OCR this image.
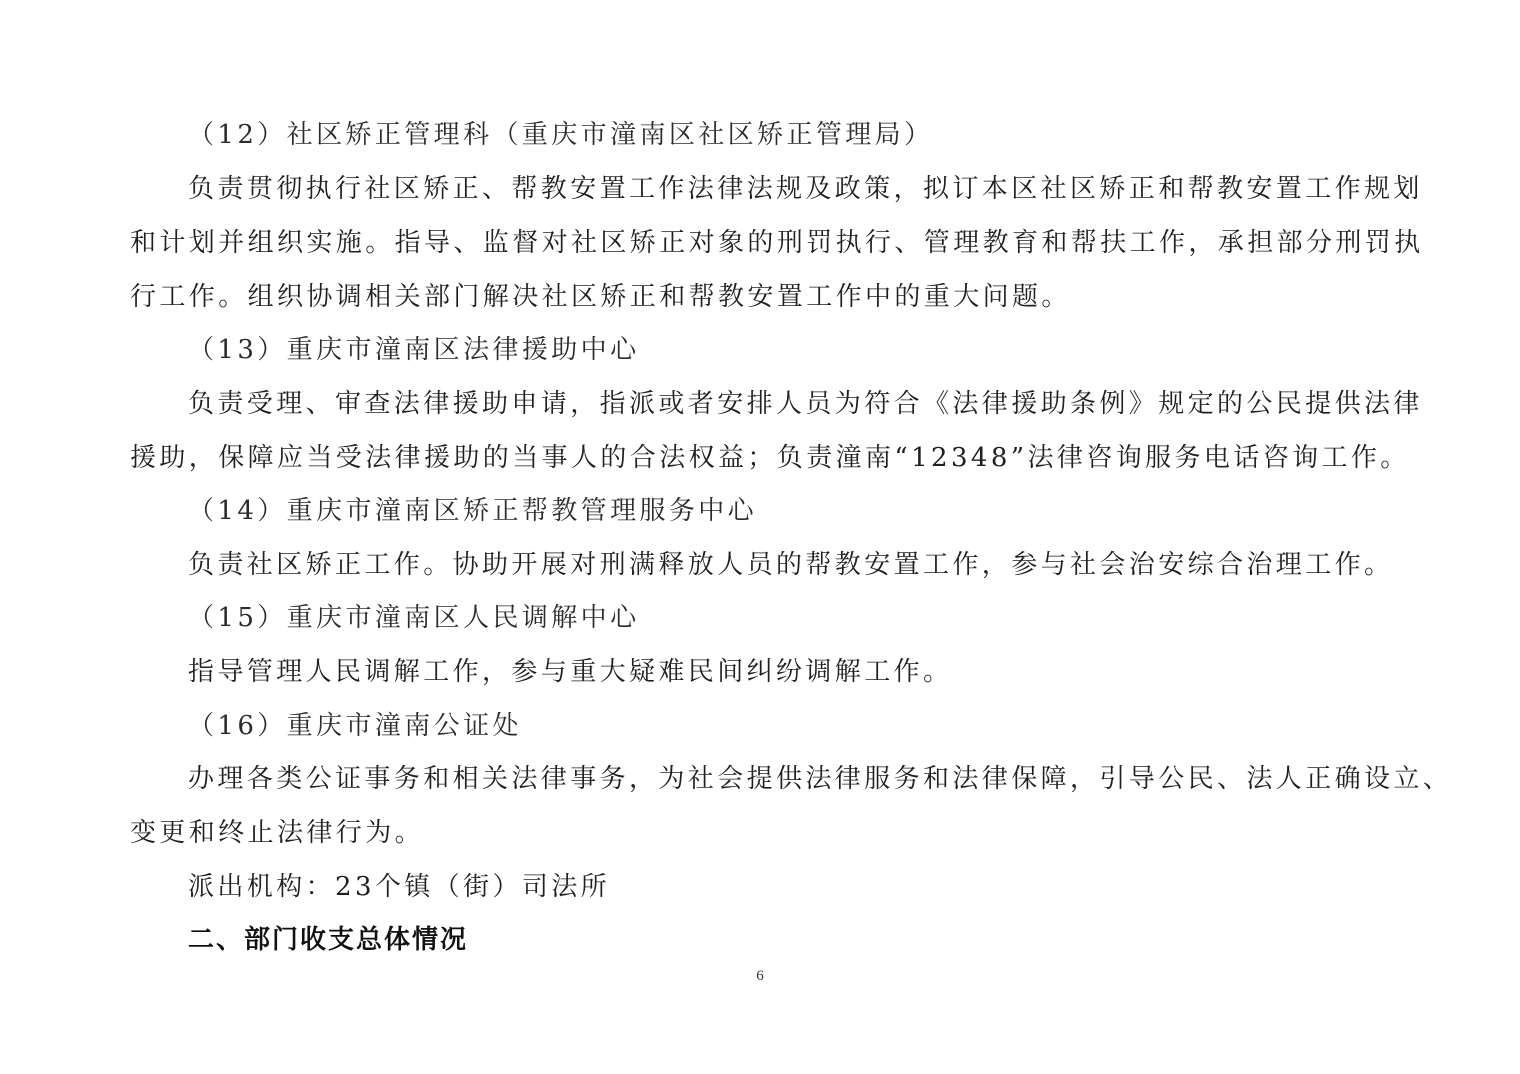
（12）社区矫正管理科（重庆市潼南区社区矫正管理局）
负责贯彻执行社区矫正、帮教安置工作法律法规及政策，拟订本区社区矫正和帮教安置工作规划
和计划并组织实施。指导、监督对社区矫正对象的刑罚执行、管理教育和帮扶工作，承担部分刑罚执
行工作。组织协调相关部门解决社区矫正和帮教安置工作中的重大问题。
（13）重庆市潼南区法律援助中心
负责受理、审查法律援助申请，指派或者安排人员为符合《法律援助条例》规定的公民提供法律
援助，保障应当受法律援助的当事人的合法权益；负责潼南“12348”法律咨询服务电话咨询工作。
（14）重庆市潼南区矫正帮教管理服务中心
负责社区矫正工作。协助开展对刑满释放人员的帮教安置工作，参与社会治安综合治理工作。
（15）重庆市潼南区人民调解中心
指导管理人民调解工作，参与重大疑难民间纠纷调解工作。
（16）重庆市潼南公证处
办理各类公证事务和相关法律事务，为社会提供法律服务和法律保障，引导公民、法人正确设立、
变更和终止法律行为。
派出机构：23个镇（街）司法所
二、部门收支总体情况
6
